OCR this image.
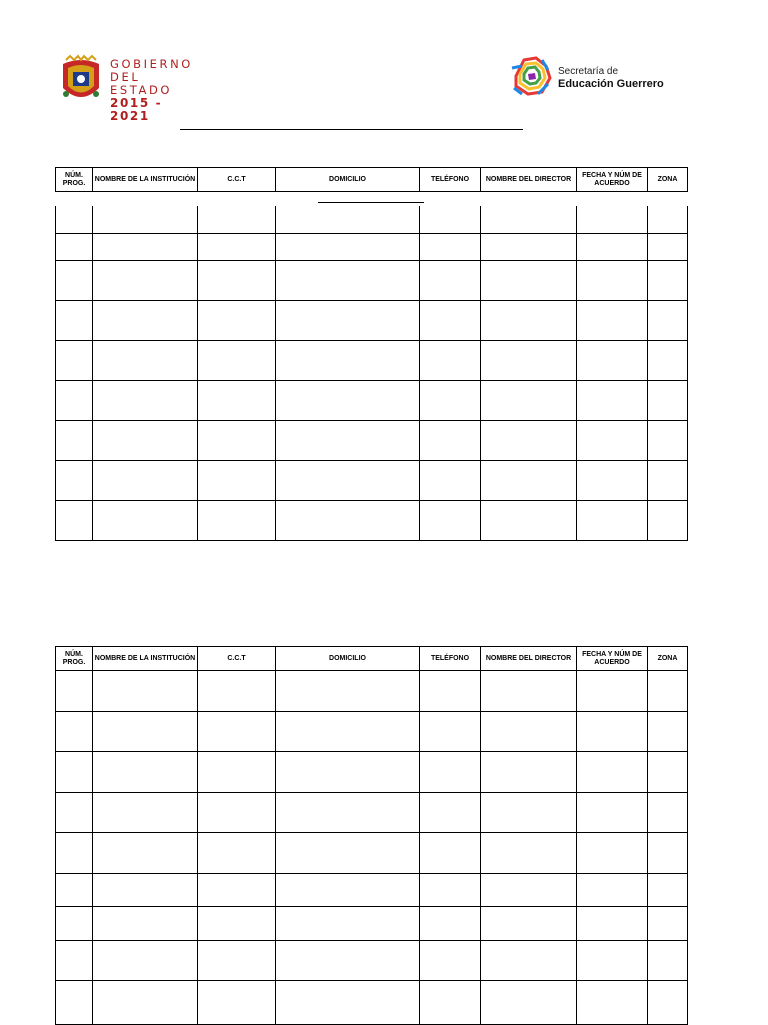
GOBIERNO
DEL ESTADO
2015 - 2021
Secretaría de
Educación Guerrero
NÚM. PROG.	NOMBRE DE LA INSTITUCIÓN	C.C.T	DOMICILIO	TELÉFONO	NOMBRE DEL DIRECTOR	FECHA Y NÚM DE ACUERDO	ZONA

NÚM. PROG.	NOMBRE DE LA INSTITUCIÓN	C.C.T	DOMICILIO	TELÉFONO	NOMBRE DEL DIRECTOR	FECHA Y NÚM DE ACUERDO	ZONA
